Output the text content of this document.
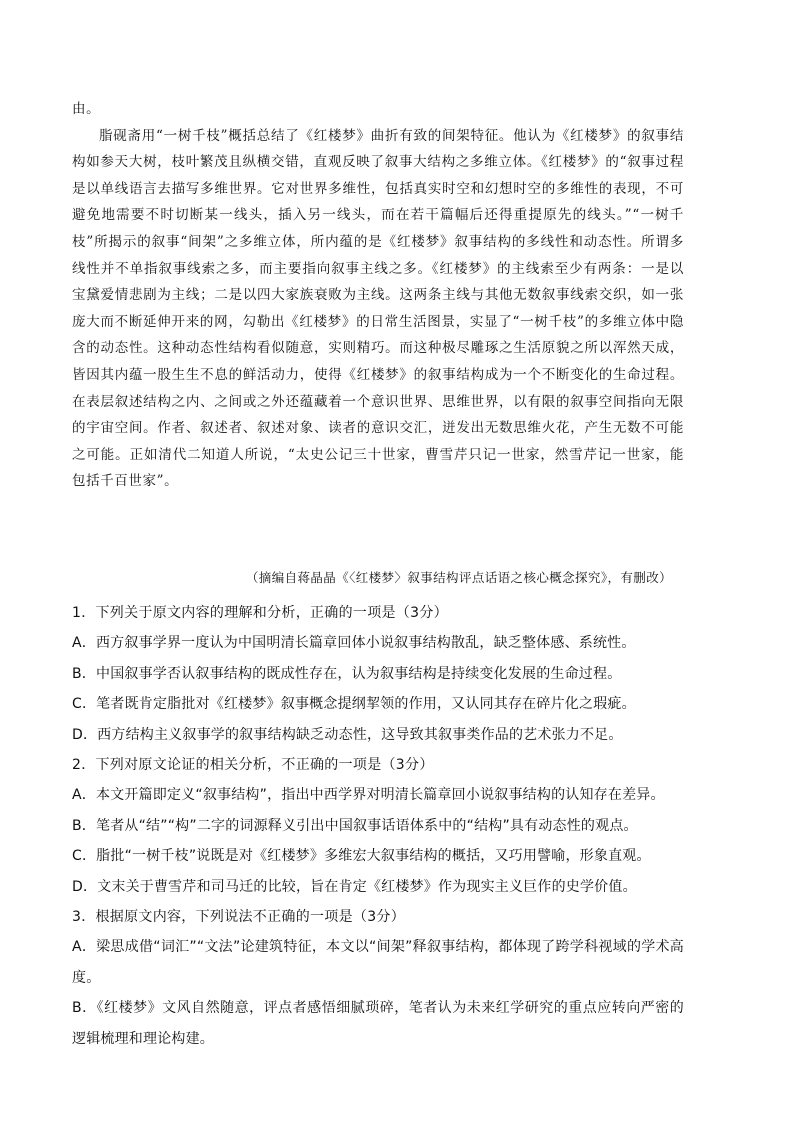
由。

脂砚斋用“一树千枝”概括总结了《红楼梦》曲折有致的间架特征。他认为《红楼梦》的叙事结构如参天大树，枝叶繁茂且纵横交错，直观反映了叙事大结构之多维立体。《红楼梦》的“叙事过程是以单线语言去描写多维世界。它对世界多维性，包括真实时空和幻想时空的多维性的表现，不可避免地需要不时切断某一线头，插入另一线头，而在若干篇幅后还得重提原先的线头。”“一树千枝”所揭示的叙事“间架”之多维立体，所内蕴的是《红楼梦》叙事结构的多线性和动态性。所谓多线性并不单指叙事线索之多，而主要指向叙事主线之多。《红楼梦》的主线索至少有两条：一是以宝黛爱情悲剧为主线；二是以四大家族衰败为主线。这两条主线与其他无数叙事线索交织，如一张庞大而不断延伸开来的网，勾勒出《红楼梦》的日常生活图景，实显了“一树千枝”的多维立体中隐含的动态性。这种动态性结构看似随意，实则精巧。而这种极尽雕琢之生活原貌之所以浑然天成，皆因其内蕴一股生生不息的鲜活动力，使得《红楼梦》的叙事结构成为一个不断变化的生命过程。在表层叙述结构之内、之间或之外还蕴藏着一个意识世界、思维世界，以有限的叙事空间指向无限的宇宙空间。作者、叙述者、叙述对象、读者的意识交汇，迸发出无数思维火花，产生无数不可能之可能。正如清代二知道人所说，“太史公记三十世家，曹雪芹只记一世家，然雪芹记一世家，能包括千百世家”。

（摘编自蒋晶晶《〈红楼梦〉叙事结构评点话语之核心概念探究》，有删改）

1．下列关于原文内容的理解和分析，正确的一项是（3分）

A．西方叙事学界一度认为中国明清长篇章回体小说叙事结构散乱，缺乏整体感、系统性。

B．中国叙事学否认叙事结构的既成性存在，认为叙事结构是持续变化发展的生命过程。

C．笔者既肯定脂批对《红楼梦》叙事概念提纲挈领的作用，又认同其存在碎片化之瑕疵。

D．西方结构主义叙事学的叙事结构缺乏动态性，这导致其叙事类作品的艺术张力不足。

2．下列对原文论证的相关分析，不正确的一项是（3分）

A．本文开篇即定义“叙事结构”，指出中西学界对明清长篇章回小说叙事结构的认知存在差异。

B．笔者从“结”“构”二字的词源释义引出中国叙事话语体系中的“结构”具有动态性的观点。

C．脂批“一树千枝”说既是对《红楼梦》多维宏大叙事结构的概括，又巧用譬喻，形象直观。

D．文末关于曹雪芹和司马迁的比较，旨在肯定《红楼梦》作为现实主义巨作的史学价值。

3．根据原文内容，下列说法不正确的一项是（3分）

A．梁思成借“词汇”“文法”论建筑特征，本文以“间架”释叙事结构，都体现了跨学科视域的学术高度。

B．《红楼梦》文风自然随意，评点者感悟细腻琐碎，笔者认为未来红学研究的重点应转向严密的逻辑梳理和理论构建。
